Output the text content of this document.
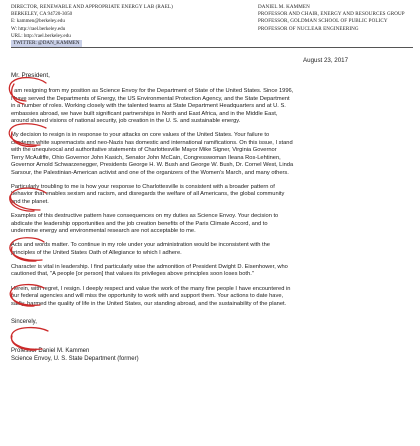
DIRECTOR, RENEWABLE AND APPROPRIATE ENERGY LAB (RAEL)
BERKELEY, CA 94720-3050
E: kammen@berkeley.edu
W: http://rael.berkeley.edu
URL: http://rael.berkeley.edu
TWITTER: @DAN_KAMMEN
DANIEL M. KAMMEN
PROFESSOR AND CHAIR, ENERGY AND RESOURCES GROUP
PROFESSOR, GOLDMAN SCHOOL OF PUBLIC POLICY
PROFESSOR OF NUCLEAR ENGINEERING
August 23, 2017
Mr. President,
I am resigning from my position as Science Envoy for the Department of State of the United States. Since 1996,
I have served the Departments of Energy, the US Environmental Protection Agency, and the State Department
in a number of roles. Working closely with the talented teams at State Department Headquarters and at U. S.
embassies abroad, we have built significant partnerships in North and East Africa, and in the Middle East,
around shared visions of national security, job creation in the U. S. and sustainable energy.
My decision to resign is in response to your attacks on core values of the United States. Your failure to
condemn white supremacists and neo-Nazis has domestic and international ramifications. On this issue, I stand
with the unequivocal and authoritative statements of Charlottesville Mayor Mike Signer, Virginia Governor
Terry McAuliffe, Ohio Governor John Kasich, Senator John McCain, Congresswoman Ileana Ros-Lehtinen,
Governor Arnold Schwarzenegger, Presidents George H. W. Bush and George W. Bush, Dr. Cornel West, Linda
Sarsour, the Palestinian-American activist and one of the organizers of the Women's March, and many others.
Particularly troubling to me is how your response to Charlottesville is consistent with a broader pattern of
behavior that enables sexism and racism, and disregards the welfare of all Americans, the global community
and the planet.
Examples of this destructive pattern have consequences on my duties as Science Envoy. Your decision to
abdicate the leadership opportunities and the job creation benefits of the Paris Climate Accord, and to
undermine energy and environmental research are not acceptable to me.
Acts and words matter. To continue in my role under your administration would be inconsistent with the
principles of the United States Oath of Allegiance to which I adhere.
Character is vital in leadership. I find particularly wise the admonition of President Dwight D. Eisenhower, who
cautioned that, "A people [or person] that values its privileges above principles soon loses both."
Herein, with regret, I resign. I deeply respect and value the work of the many fine people I have encountered in
our federal agencies and will miss the opportunity to work with and support them. Your actions to date have,
sadly, harmed the quality of life in the United States, our standing abroad, and the sustainability of the planet.
Sincerely,
Professor Daniel M. Kammen
Science Envoy, U. S. State Department (former)
